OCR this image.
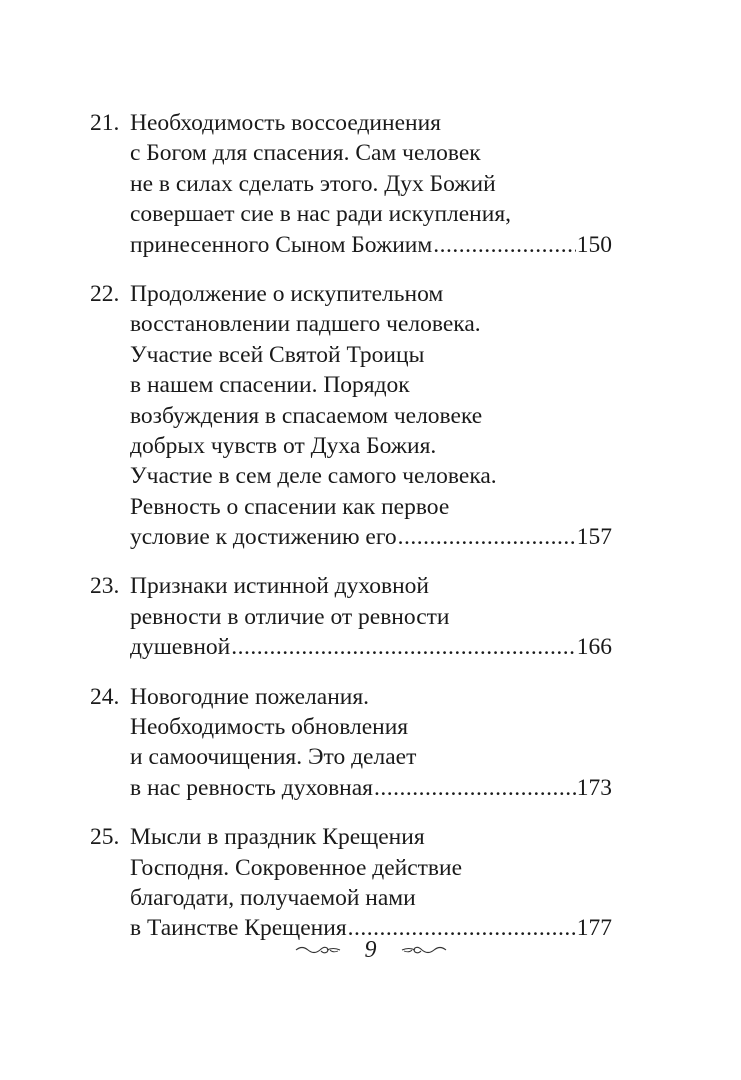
21. Необходимость воссоединения
с Богом для спасения. Сам человек
не в силах сделать этого. Дух Божий
совершает сие в нас ради искупления,
принесенного Сыном Божиим .....	150
22. Продолжение о искупительном
восстановлении падшего человека.
Участие всей Святой Троицы
в нашем спасении. Порядок
возбуждения в спасаемом человеке
добрых чувств от Духа Божия.
Участие в сем деле самого человека.
Ревность о спасении как первое
условие к достижению его .....	157
23. Признаки истинной духовной
ревности в отличие от ревности
душевной .....	166
24. Новогодние пожелания.
Необходимость обновления
и самоочищения. Это делает
в нас ревность духовная .....	173
25. Мысли в праздник Крещения
Господня. Сокровенное действие
благодати, получаемой нами
в Таинстве Крещения .....	177
9
